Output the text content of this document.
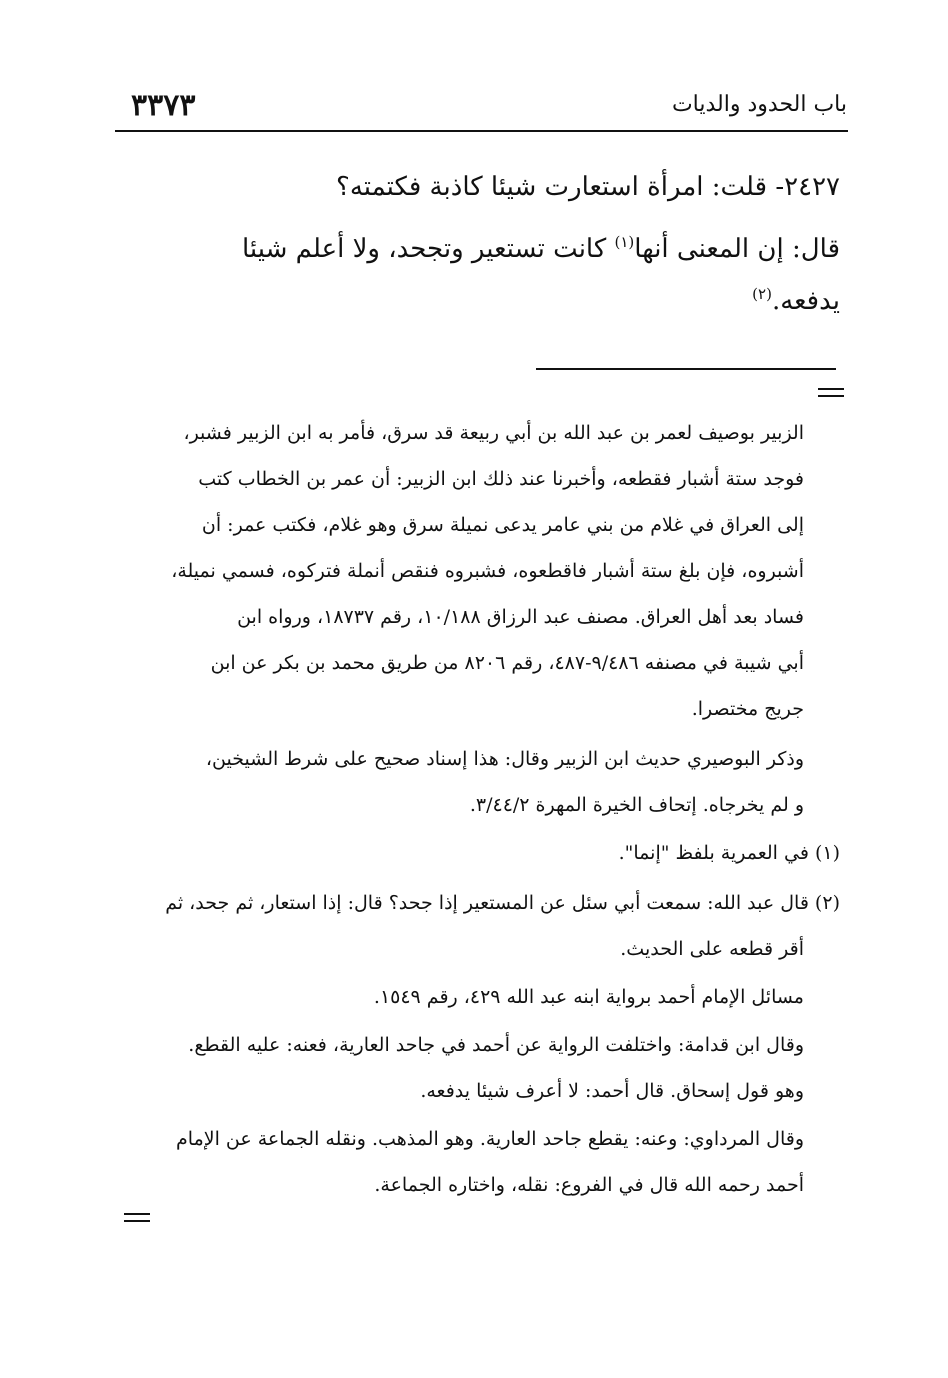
٣٣٧٣	باب الحدود والديات
٢٤٢٧- قلت: امرأة استعارت شيئا كاذبة فكتمته؟
قال: إن المعنى أنها$^{(١)}$ كانت تستعير وتجحد، ولا أعلم شيئا
يدفعه.$^{(٢)}$
الزبير بوصيف لعمر بن عبد الله بن أبي ربيعة قد سرق، فأمر به ابن الزبير فشبر،
فوجد ستة أشبار فقطعه، وأخبرنا عند ذلك ابن الزبير: أن عمر بن الخطاب كتب
إلى العراق في غلام من بني عامر يدعى نميلة سرق وهو غلام، فكتب عمر: أن
أشبروه، فإن بلغ ستة أشبار فاقطعوه، فشبروه فنقص أنملة فتركوه، فسمي نميلة،
فساد بعد أهل العراق. مصنف عبد الرزاق ١٠/١٨٨، رقم ١٨٧٣٧، ورواه ابن
أبي شيبة في مصنفه ٩/٤٨٦-٤٨٧، رقم ٨٢٠٦ من طريق محمد بن بكر عن ابن
جريج مختصرا.
وذكر البوصيري حديث ابن الزبير وقال: هذا إسناد صحيح على شرط الشيخين،
و لم يخرجاه. إتحاف الخيرة المهرة ٣/٤٤/٢.
(١) في العمرية بلفظ "إنما".
(٢) قال عبد الله: سمعت أبي سئل عن المستعير إذا جحد؟ قال: إذا استعار، ثم جحد، ثم
أقر قطعه على الحديث.
مسائل الإمام أحمد برواية ابنه عبد الله ٤٢٩، رقم ١٥٤٩.
وقال ابن قدامة: واختلفت الرواية عن أحمد في جاحد العارية، فعنه: عليه القطع.
وهو قول إسحاق. قال أحمد: لا أعرف شيئا يدفعه.
وقال المرداوي: وعنه: يقطع جاحد العارية. وهو المذهب. ونقله الجماعة عن الإمام
أحمد رحمه الله قال في الفروع: نقله، واختاره الجماعة.
